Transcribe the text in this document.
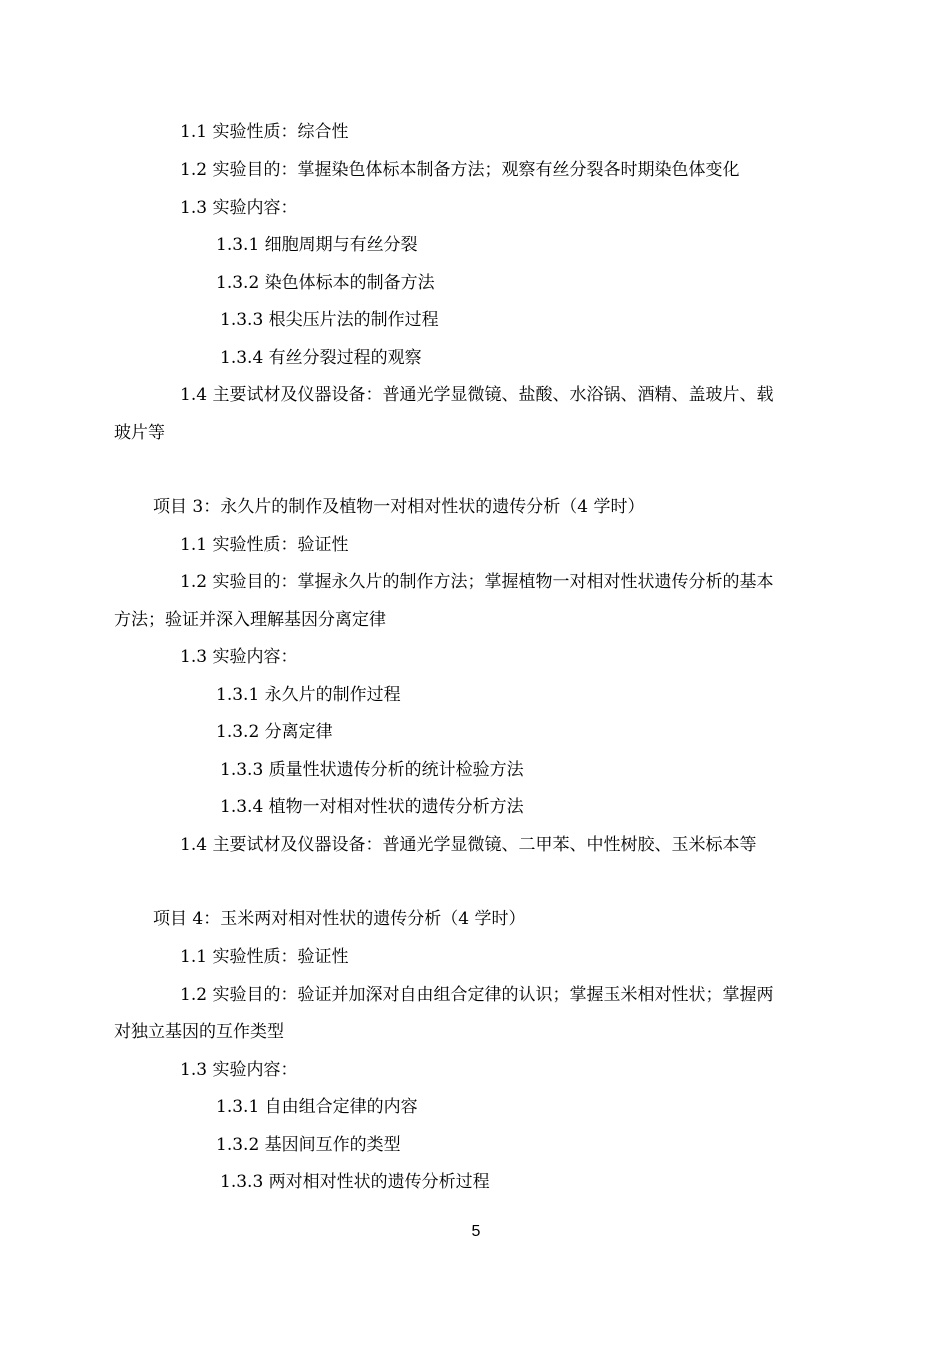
1.1 实验性质：综合性
1.2 实验目的：掌握染色体标本制备方法；观察有丝分裂各时期染色体变化
1.3 实验内容：
1.3.1 细胞周期与有丝分裂
1.3.2 染色体标本的制备方法
1.3.3 根尖压片法的制作过程
1.3.4 有丝分裂过程的观察
1.4 主要试材及仪器设备：普通光学显微镜、盐酸、水浴锅、酒精、盖玻片、载
玻片等
项目 3：永久片的制作及植物一对相对性状的遗传分析（4 学时）
1.1 实验性质：验证性
1.2 实验目的：掌握永久片的制作方法；掌握植物一对相对性状遗传分析的基本
方法；验证并深入理解基因分离定律
1.3 实验内容：
1.3.1 永久片的制作过程
1.3.2 分离定律
1.3.3 质量性状遗传分析的统计检验方法
1.3.4 植物一对相对性状的遗传分析方法
1.4 主要试材及仪器设备：普通光学显微镜、二甲苯、中性树胶、玉米标本等
项目 4：玉米两对相对性状的遗传分析（4 学时）
1.1 实验性质：验证性
1.2 实验目的：验证并加深对自由组合定律的认识；掌握玉米相对性状；掌握两
对独立基因的互作类型
1.3 实验内容：
1.3.1 自由组合定律的内容
1.3.2 基因间互作的类型
1.3.3 两对相对性状的遗传分析过程
5
